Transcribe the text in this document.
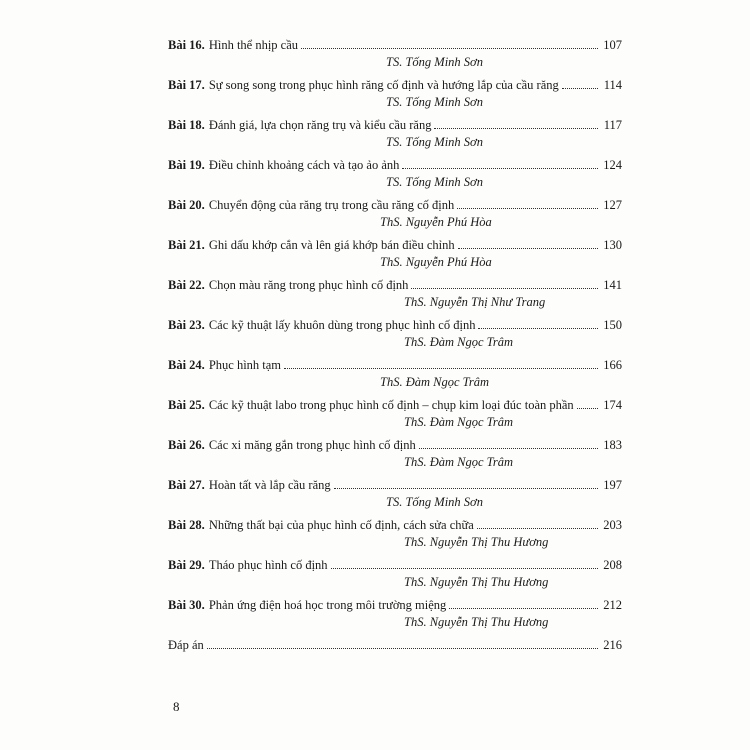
Bài 16. Hình thể nhịp cầu	107
TS. Tống Minh Sơn
Bài 17. Sự song song trong phục hình răng cố định và hướng lắp của cầu răng	114
TS. Tống Minh Sơn
Bài 18. Đánh giá, lựa chọn răng trụ và kiểu cầu răng	117
TS. Tống Minh Sơn
Bài 19. Điều chỉnh khoảng cách và tạo ảo ảnh	124
TS. Tống Minh Sơn
Bài 20. Chuyển động của răng trụ trong cầu răng cố định	127
ThS. Nguyễn Phú Hòa
Bài 21. Ghi dấu khớp cắn và lên giá khớp bán điều chỉnh	130
ThS. Nguyễn Phú Hòa
Bài 22. Chọn màu răng trong phục hình cố định	141
ThS. Nguyễn Thị Như Trang
Bài 23. Các kỹ thuật lấy khuôn dùng trong phục hình cố định	150
ThS. Đàm Ngọc Trâm
Bài 24. Phục hình tạm	166
ThS. Đàm Ngọc Trâm
Bài 25. Các kỹ thuật labo trong phục hình cố định – chụp kim loại đúc toàn phần 174
ThS. Đàm Ngọc Trâm
Bài 26. Các xi măng gắn trong phục hình cố định	183
ThS. Đàm Ngọc Trâm
Bài 27. Hoàn tất và lắp cầu răng	197
TS. Tống Minh Sơn
Bài 28. Những thất bại của phục hình cố định, cách sửa chữa	203
ThS. Nguyễn Thị Thu Hương
Bài 29. Tháo phục hình cố định	208
ThS. Nguyễn Thị Thu Hương
Bài 30. Phản ứng điện hoá học trong môi trường miệng	212
ThS. Nguyễn Thị Thu Hương
Đáp án	216
8
